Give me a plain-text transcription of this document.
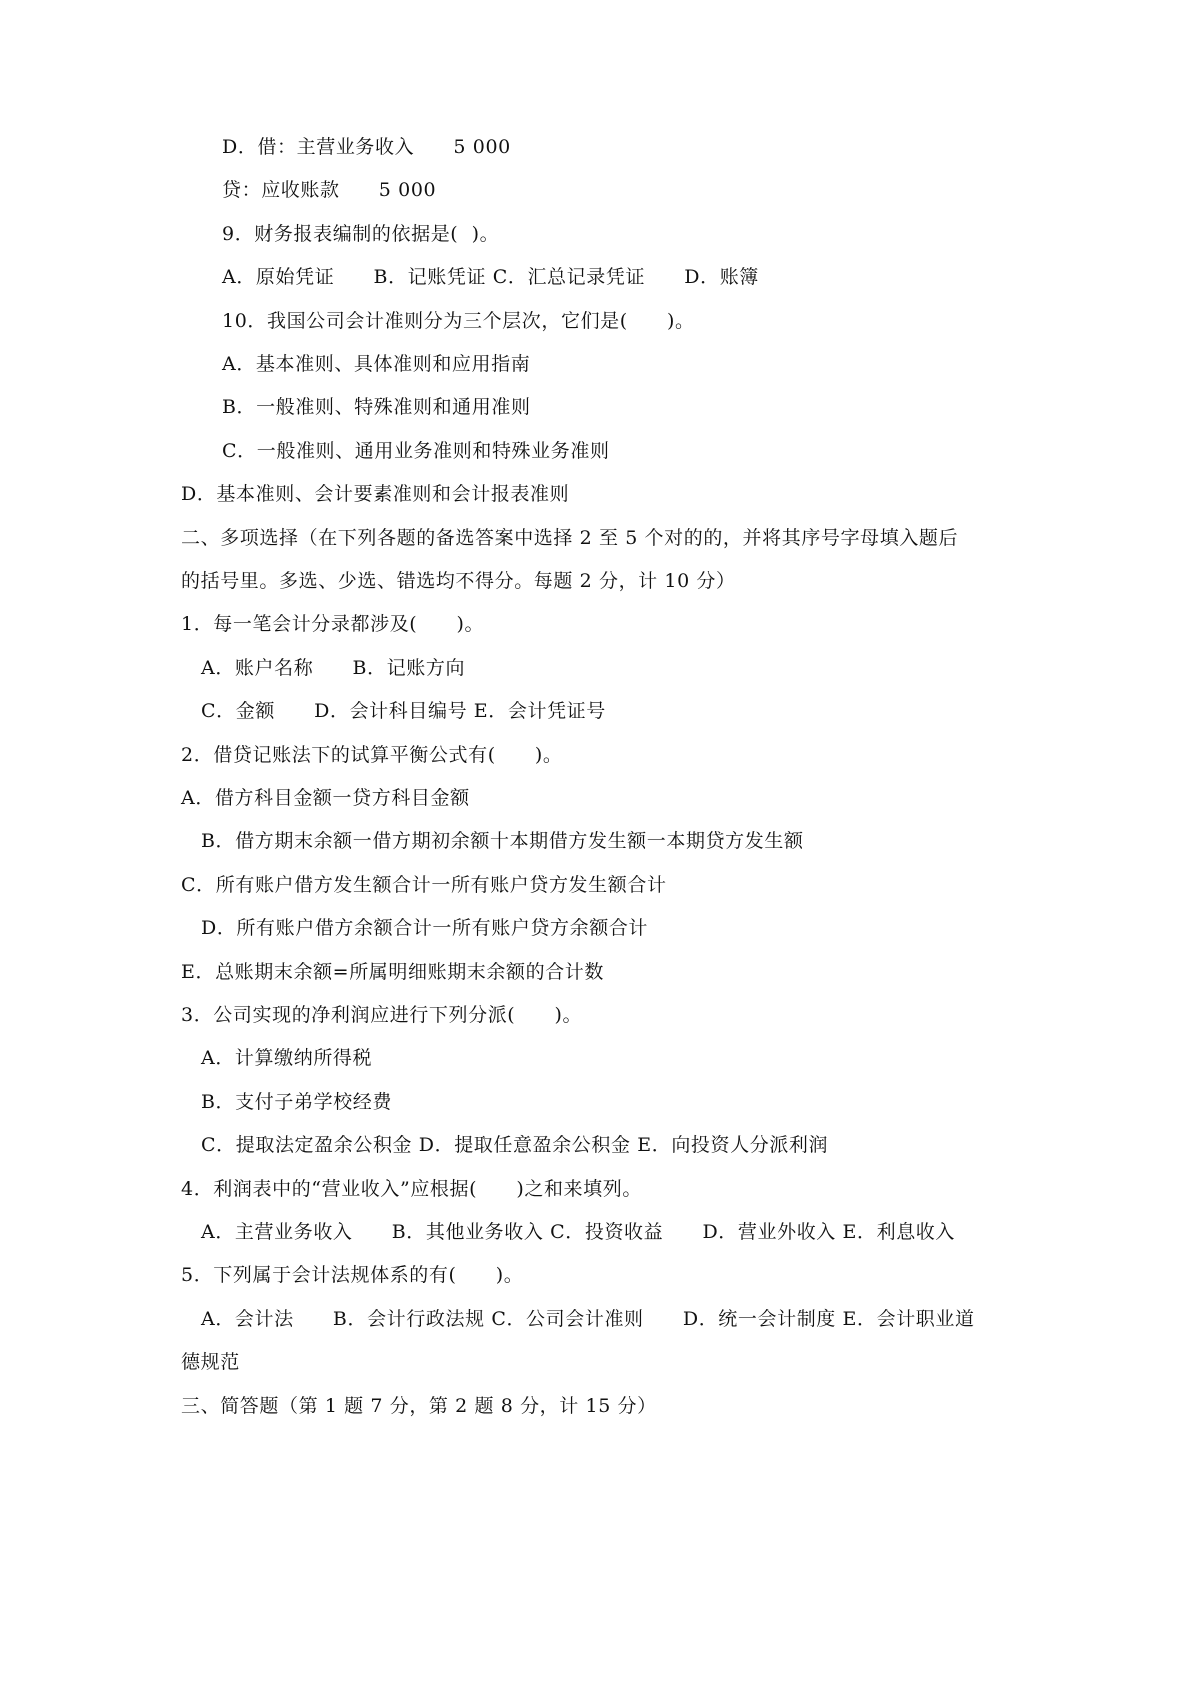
D．借：主营业务收入　　5 000
贷：应收账款　　5 000
9．财务报表编制的依据是(  )。
A．原始凭证　　B．记账凭证 C．汇总记录凭证　　D．账簿
10．我国公司会计准则分为三个层次，它们是(　　)。
A．基本准则、具体准则和应用指南
B．一般准则、特殊准则和通用准则
C．一般准则、通用业务准则和特殊业务准则
D．基本准则、会计要素准则和会计报表准则
二、多项选择（在下列各题的备选答案中选择 2 至 5 个对的的，并将其序号字母填入题后
的括号里。多选、少选、错选均不得分。每题 2 分，计 10 分）
1．每一笔会计分录都涉及(　　)。
A．账户名称　　B．记账方向
C．金额　　D．会计科目编号 E．会计凭证号
2．借贷记账法下的试算平衡公式有(　　)。
A．借方科目金额一贷方科目金额
B．借方期末余额一借方期初余额十本期借方发生额一本期贷方发生额
C．所有账户借方发生额合计一所有账户贷方发生额合计
D．所有账户借方余额合计一所有账户贷方余额合计
E．总账期末余额=所属明细账期末余额的合计数
3．公司实现的净利润应进行下列分派(　　)。
A．计算缴纳所得税
B．支付子弟学校经费
C．提取法定盈余公积金 D．提取任意盈余公积金 E．向投资人分派利润
4．利润表中的“营业收入”应根据(　　)之和来填列。
A．主营业务收入　　B．其他业务收入 C．投资收益　　D．营业外收入 E．利息收入
5．下列属于会计法规体系的有(　　)。
A．会计法　　B．会计行政法规 C．公司会计准则　　D．统一会计制度 E．会计职业道
德规范
三、简答题（第 1 题 7 分，第 2 题 8 分，计 15 分）
